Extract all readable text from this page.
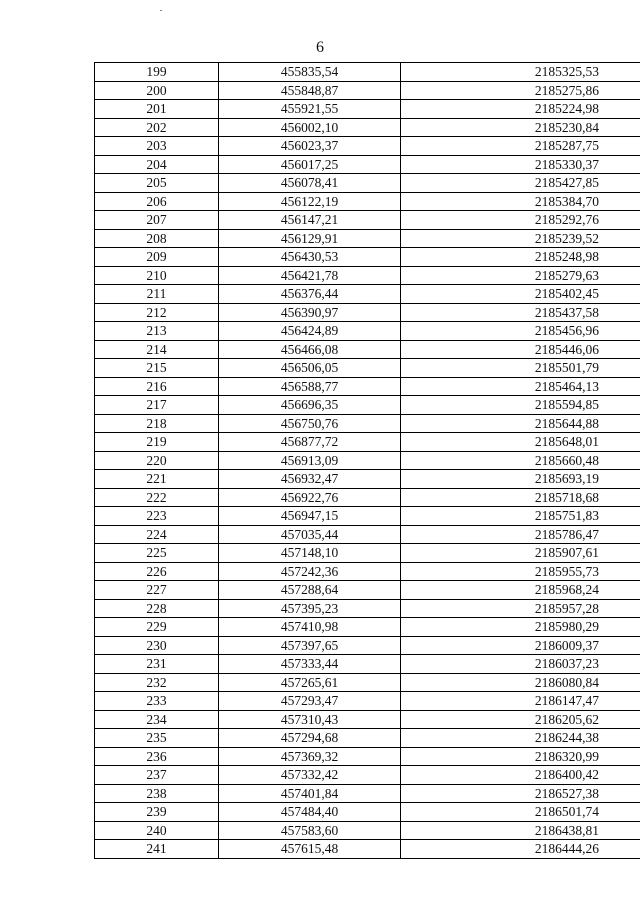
6
199	455835,54	2185325,53
200	455848,87	2185275,86
201	455921,55	2185224,98
202	456002,10	2185230,84
203	456023,37	2185287,75
204	456017,25	2185330,37
205	456078,41	2185427,85
206	456122,19	2185384,70
207	456147,21	2185292,76
208	456129,91	2185239,52
209	456430,53	2185248,98
210	456421,78	2185279,63
211	456376,44	2185402,45
212	456390,97	2185437,58
213	456424,89	2185456,96
214	456466,08	2185446,06
215	456506,05	2185501,79
216	456588,77	2185464,13
217	456696,35	2185594,85
218	456750,76	2185644,88
219	456877,72	2185648,01
220	456913,09	2185660,48
221	456932,47	2185693,19
222	456922,76	2185718,68
223	456947,15	2185751,83
224	457035,44	2185786,47
225	457148,10	2185907,61
226	457242,36	2185955,73
227	457288,64	2185968,24
228	457395,23	2185957,28
229	457410,98	2185980,29
230	457397,65	2186009,37
231	457333,44	2186037,23
232	457265,61	2186080,84
233	457293,47	2186147,47
234	457310,43	2186205,62
235	457294,68	2186244,38
236	457369,32	2186320,99
237	457332,42	2186400,42
238	457401,84	2186527,38
239	457484,40	2186501,74
240	457583,60	2186438,81
241	457615,48	2186444,26
